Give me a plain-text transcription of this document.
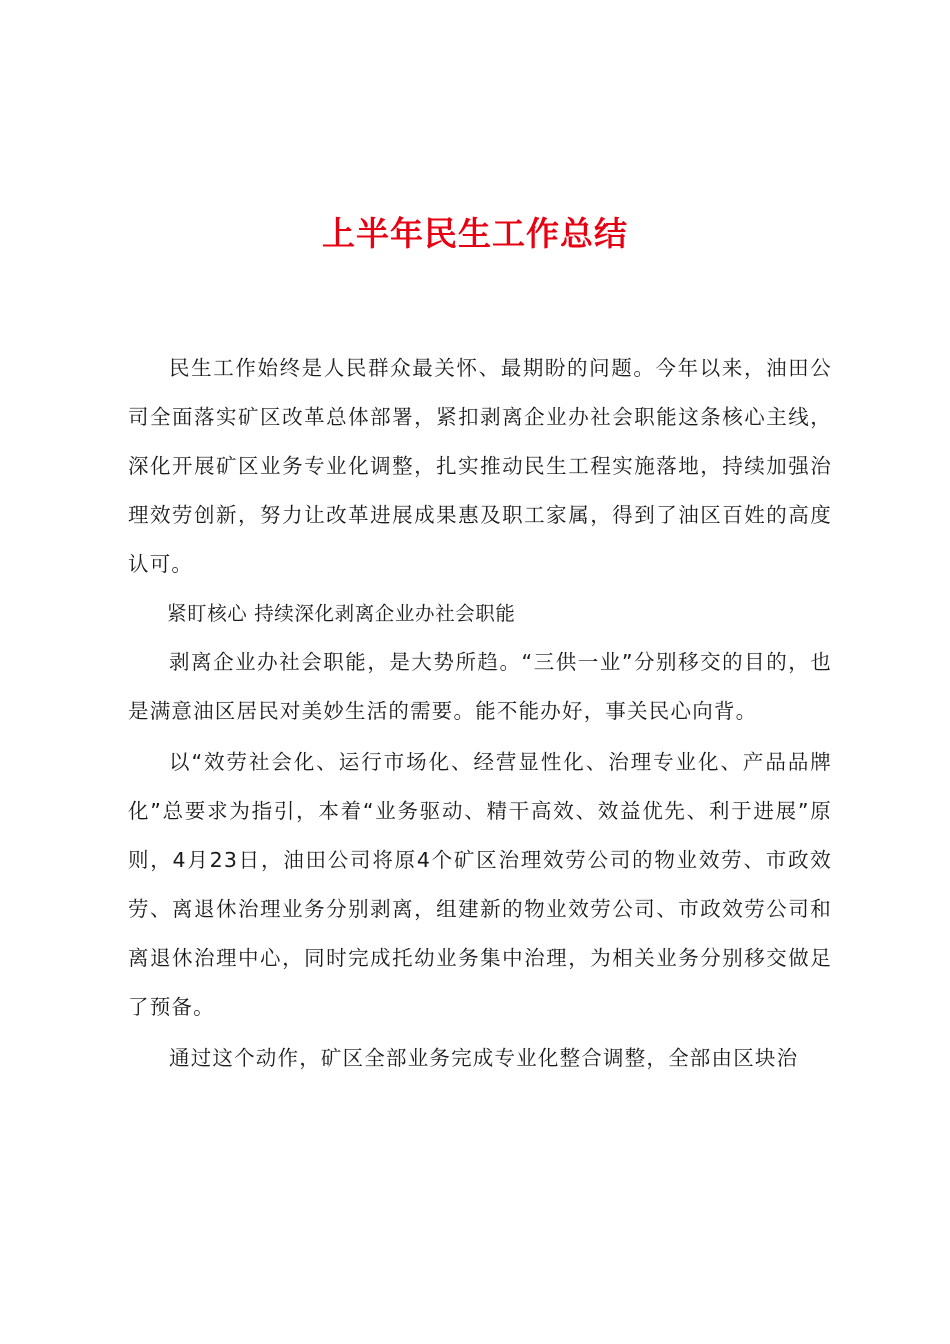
上半年民生工作总结

民生工作始终是人民群众最关怀、最期盼的问题。今年以来，油田公司全面落实矿区改革总体部署，紧扣剥离企业办社会职能这条核心主线，深化开展矿区业务专业化调整，扎实推动民生工程实施落地，持续加强治理效劳创新，努力让改革进展成果惠及职工家属，得到了油区百姓的高度认可。

紧盯核心 持续深化剥离企业办社会职能

剥离企业办社会职能，是大势所趋。“三供一业”分别移交的目的，也是满意油区居民对美妙生活的需要。能不能办好，事关民心向背。

以“效劳社会化、运行市场化、经营显性化、治理专业化、产品品牌化”总要求为指引，本着“业务驱动、精干高效、效益优先、利于进展”原则，4月23日，油田公司将原4个矿区治理效劳公司的物业效劳、市政效劳、离退休治理业务分别剥离，组建新的物业效劳公司、市政效劳公司和离退休治理中心，同时完成托幼业务集中治理，为相关业务分别移交做足了预备。

通过这个动作，矿区全部业务完成专业化整合调整，全部由区块治
